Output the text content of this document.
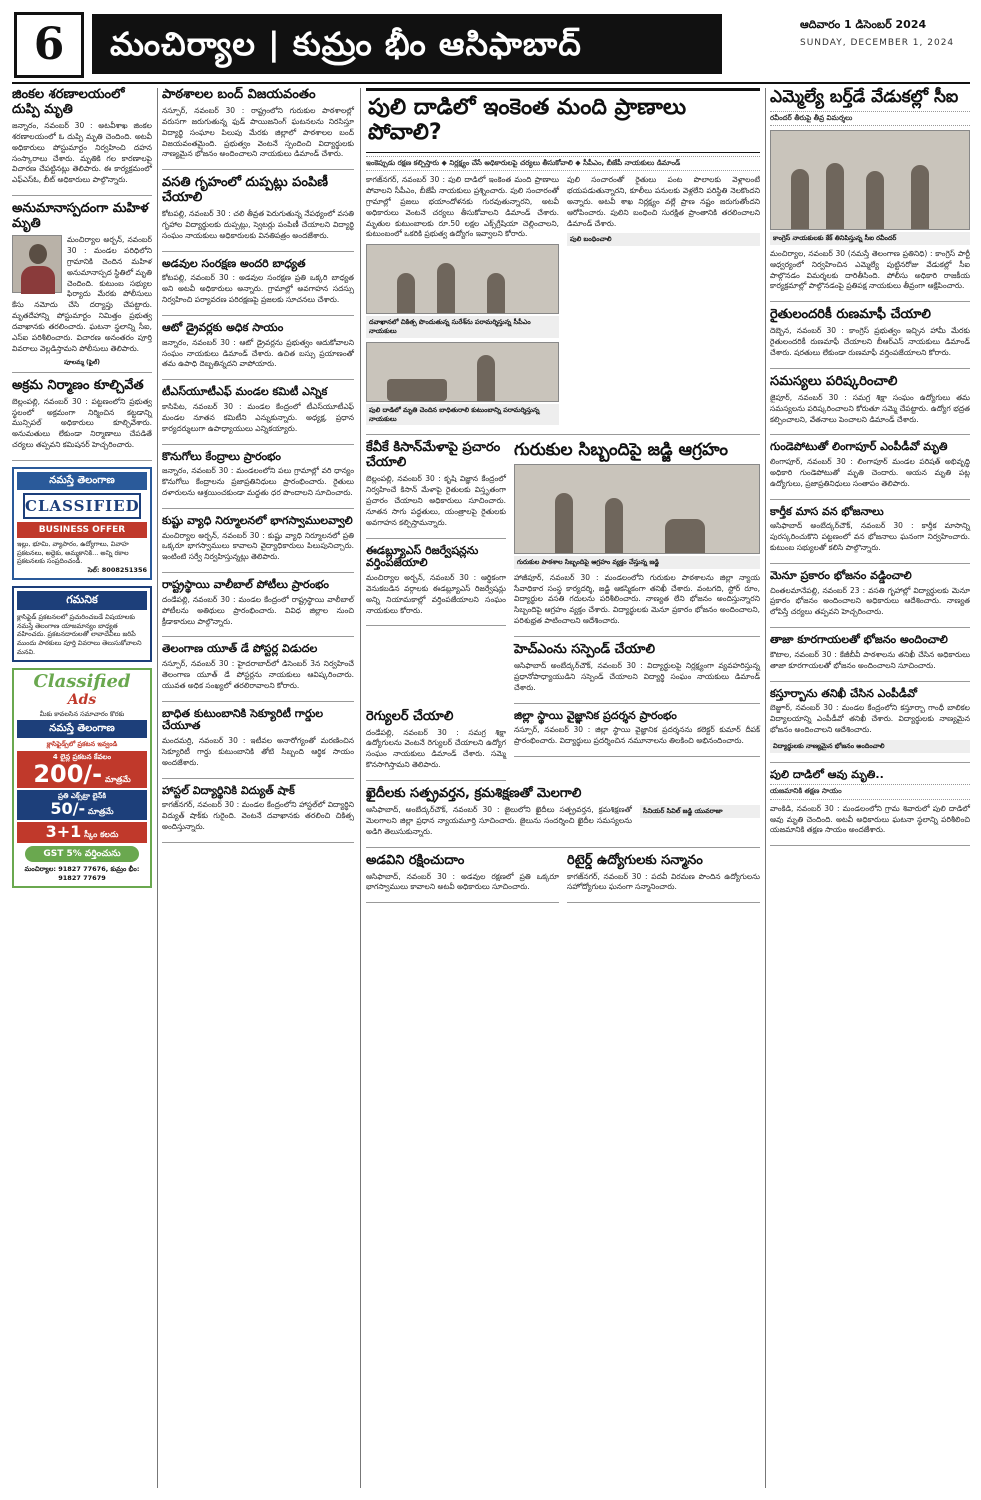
6	మంచిర్యాల | కుమ్రం భీం ఆసిఫాబాద్
ఆదివారం 1 డిసెంబర్ 2024
SUNDAY, DECEMBER 1, 2024
జింకల శరణాలయంలో దుప్పి మృతి
జన్నారం, నవంబర్ 30 : అటవీశాఖ జింకల శరణాలయంలో ఓ దుప్పి మృతి చెందింది. అటవీ అధికారులు పోస్టుమార్టం నిర్వహించి దహన సంస్కారాలు చేశారు. మృతికి గల కారణాలపై విచారణ చేపట్టినట్లు తెలిపారు. ఈ కార్యక్రమంలో ఎఫ్ఎస్ఓ, బీట్ అధికారులు పాల్గొన్నారు.
అనుమానాస్పదంగా మహిళ మృతి
మంచిర్యాల అర్బన్, నవంబర్ 30 : మండల పరిధిలోని గ్రామానికి చెందిన మహిళ అనుమానాస్పద స్థితిలో మృతి చెందింది. కుటుంబ సభ్యుల ఫిర్యాదు మేరకు పోలీసులు కేసు నమోదు చేసి దర్యాప్తు చేపట్టారు. మృతదేహాన్ని పోస్టుమార్టం నిమిత్తం ప్రభుత్వ దవాఖానకు తరలించారు. ఘటనా స్థలాన్ని సీఐ, ఎస్ఐ పరిశీలించారు. విచారణ అనంతరం పూర్తి వివరాలు వెల్లడిస్తామని పోలీసులు తెలిపారు.
పూలమ్మ (ఫైల్)
అక్రమ నిర్మాణం కూల్చివేత
బెల్లంపల్లి, నవంబర్ 30 : పట్టణంలోని ప్రభుత్వ స్థలంలో అక్రమంగా నిర్మించిన కట్టడాన్ని మున్సిపల్ అధికారులు కూల్చివేశారు. అనుమతులు లేకుండా నిర్మాణాలు చేపడితే చర్యలు తప్పవని కమిషనర్ హెచ్చరించారు.
నమస్తే తెలంగాణ
CLASSIFIED
BUSINESS OFFER
ఇల్లు, భూమి, వ్యాపారం, ఉద్యోగాలు, వివాహ ప్రకటనలు, అద్దెకు, అమ్మకానికి... అన్ని రకాల ప్రకటనలకు సంప్రదించండి.
సెల్: 8008251356
గమనిక
క్లాసిఫైడ్ ప్రకటనలలో ప్రచురించబడే విషయాలకు నమస్తే తెలంగాణ యాజమాన్యం బాధ్యత వహించదు. ప్రకటనదారులతో లావాదేవీలు జరిపే ముందు పాఠకులు పూర్తి వివరాలు తెలుసుకోవాలని మనవి.
Classified
Ads
మీకు కావలసిన సమాచారం కొరకు
నమస్తే తెలంగాణ
క్లాసిఫైడ్స్‌లో ప్రకటన ఇవ్వండి
4 లైన్ల ప్రకటన కేవలం
200/- మాత్రమే
ప్రతి ఎక్స్‌ట్రా లైన్‌కి
50/- మాత్రమే
3+1 స్కీం కలదు
GST 5% వర్తించును
మంచిర్యాల: 91827 77676, కుమ్రం భీం: 91827 77679
పాఠశాలల బంద్ విజయవంతం
నస్పూర్, నవంబర్ 30 : రాష్ట్రంలోని గురుకుల పాఠశాలల్లో వరుసగా జరుగుతున్న ఫుడ్ పాయిజనింగ్ ఘటనలను నిరసిస్తూ విద్యార్థి సంఘాల పిలుపు మేరకు జిల్లాలో పాఠశాలల బంద్ విజయవంతమైంది. ప్రభుత్వం వెంటనే స్పందించి విద్యార్థులకు నాణ్యమైన భోజనం అందించాలని నాయకులు డిమాండ్ చేశారు.
వసతి గృహంలో దుప్పట్లు పంపిణీ చేయాలి
కోటపల్లి, నవంబర్ 30 : చలి తీవ్రత పెరుగుతున్న నేపథ్యంలో వసతి గృహాల విద్యార్థులకు దుప్పట్లు, స్వెటర్లు పంపిణీ చేయాలని విద్యార్థి సంఘం నాయకులు అధికారులకు వినతిపత్రం అందజేశారు.
అడవుల సంరక్షణ అందరి బాధ్యత
కోటపల్లి, నవంబర్ 30 : అడవుల సంరక్షణ ప్రతి ఒక్కరి బాధ్యత అని అటవీ అధికారులు అన్నారు. గ్రామాల్లో అవగాహన సదస్సు నిర్వహించి పర్యావరణ పరిరక్షణపై ప్రజలకు సూచనలు చేశారు.
ఆటో డ్రైవర్లకు అధిక సాయం
జన్నారం, నవంబర్ 30 : ఆటో డ్రైవర్లను ప్రభుత్వం ఆదుకోవాలని సంఘం నాయకులు డిమాండ్ చేశారు. ఉచిత బస్సు ప్రయాణంతో తమ ఉపాధి దెబ్బతిన్నదని వాపోయారు.
టీఎస్‌యూటీఎఫ్ మండల కమిటీ ఎన్నిక
కాసిపేట, నవంబర్ 30 : మండల కేంద్రంలో టీఎస్‌యూటీఎఫ్ మండల నూతన కమిటీని ఎన్నుకున్నారు. అధ్యక్ష, ప్రధాన కార్యదర్శులుగా ఉపాధ్యాయులు ఎన్నికయ్యారు.
కొనుగోలు కేంద్రాలు ప్రారంభం
జన్నారం, నవంబర్ 30 : మండలంలోని పలు గ్రామాల్లో వరి ధాన్యం కొనుగోలు కేంద్రాలను ప్రజాప్రతినిధులు ప్రారంభించారు. రైతులు దళారులను ఆశ్రయించకుండా మద్దతు ధర పొందాలని సూచించారు.
కుష్టు వ్యాధి నిర్మూలనలో భాగస్వాములవ్వాలి
మంచిర్యాల అర్బన్, నవంబర్ 30 : కుష్టు వ్యాధి నిర్మూలనలో ప్రతి ఒక్కరూ భాగస్వాములు కావాలని వైద్యాధికారులు పిలుపునిచ్చారు. ఇంటింటి సర్వే నిర్వహిస్తున్నట్లు తెలిపారు.
రాష్ట్రస్థాయి వాలీబాల్ పోటీలు ప్రారంభం
దండేపల్లి, నవంబర్ 30 : మండల కేంద్రంలో రాష్ట్రస్థాయి వాలీబాల్ పోటీలను అతిథులు ప్రారంభించారు. వివిధ జిల్లాల నుంచి క్రీడాకారులు పాల్గొన్నారు.
తెలంగాణ యూత్ డే పోస్టర్ల విడుదల
నస్పూర్, నవంబర్ 30 : హైదరాబాద్‌లో డిసెంబర్ 3న నిర్వహించే తెలంగాణ యూత్ డే పోస్టర్లను నాయకులు ఆవిష్కరించారు. యువత అధిక సంఖ్యలో తరలిరావాలని కోరారు.
బాధిత కుటుంబానికి సెక్యూరిటీ గార్డుల చేయూత
మందమర్రి, నవంబర్ 30 : ఇటీవల అనారోగ్యంతో మరణించిన సెక్యూరిటీ గార్డు కుటుంబానికి తోటి సిబ్బంది ఆర్థిక సాయం అందజేశారు.
హాస్టల్ విద్యార్థినికి విద్యుత్ షాక్
కాగజ్‌నగర్, నవంబర్ 30 : మండల కేంద్రంలోని హాస్టల్‌లో విద్యార్థిని విద్యుత్ షాక్‌కు గురైంది. వెంటనే దవాఖానకు తరలించి చికిత్స అందిస్తున్నారు.
పులి దాడిలో ఇంకెంత మంది ప్రాణాలు పోవాలి?
ఇంకెప్పుడు రక్షణ కల్పిస్తారు ◆ నిర్లక్ష్యం చేసే అధికారులపై చర్యలు తీసుకోవాలి ◆ సీపీఎం, బీజేపీ నాయకులు డిమాండ్
కాగజ్‌నగర్, నవంబర్ 30 : పులి దాడిలో ఇంకెంత మంది ప్రాణాలు పోవాలని సీపీఎం, బీజేపీ నాయకులు ప్రశ్నించారు. పులి సంచారంతో గ్రామాల్లో ప్రజలు భయాందోళనకు గురవుతున్నారని, అటవీ అధికారులు వెంటనే చర్యలు తీసుకోవాలని డిమాండ్ చేశారు. మృతుల కుటుంబాలకు రూ.50 లక్షల ఎక్స్‌గ్రేషియా చెల్లించాలని, కుటుంబంలో ఒకరికి ప్రభుత్వ ఉద్యోగం ఇవ్వాలని కోరారు.
దవాఖానలో చికిత్స పొందుతున్న సురేశ్‌ను పరామర్శిస్తున్న సీపీఎం నాయకులు
పులి దాడిలో మృతి చెందిన బాధితురాలి కుటుంబాన్ని పరామర్శిస్తున్న నాయకులు
పులి సంచారంతో రైతులు పంట పొలాలకు వెళ్లాలంటే భయపడుతున్నారని, కూలీలు పనులకు వెళ్లలేని పరిస్థితి నెలకొందని అన్నారు. అటవీ శాఖ నిర్లక్ష్యం వల్లే ప్రాణ నష్టం జరుగుతోందని ఆరోపించారు. పులిని బంధించి సురక్షిత ప్రాంతానికి తరలించాలని డిమాండ్ చేశారు.
పులి బంధించాలి
కేవీకే కిసాన్‌మేళాపై ప్రచారం చేయాలి
బెల్లంపల్లి, నవంబర్ 30 : కృషి విజ్ఞాన కేంద్రంలో నిర్వహించే కిసాన్ మేళాపై రైతులకు విస్తృతంగా ప్రచారం చేయాలని అధికారులు సూచించారు. నూతన సాగు పద్ధతులు, యంత్రాలపై రైతులకు అవగాహన కల్పిస్తామన్నారు.
ఈడబ్ల్యూఎస్ రిజర్వేషన్లను వర్తింపజేయాలి
మంచిర్యాల అర్బన్, నవంబర్ 30 : ఆర్థికంగా వెనుకబడిన వర్గాలకు ఈడబ్ల్యూఎస్ రిజర్వేషన్లు అన్ని నియామకాల్లో వర్తింపజేయాలని సంఘం నాయకులు కోరారు.
గురుకుల సిబ్బందిపై జడ్జి ఆగ్రహం
గురుకుల పాఠశాల సిబ్బందిపై ఆగ్రహం వ్యక్తం చేస్తున్న జడ్జి
హాజీపూర్, నవంబర్ 30 : మండలంలోని గురుకుల పాఠశాలను జిల్లా న్యాయ సేవాధికార సంస్థ కార్యదర్శి, జడ్జి ఆకస్మికంగా తనిఖీ చేశారు. వంటగది, స్టోర్ రూం, విద్యార్థుల వసతి గదులను పరిశీలించారు. నాణ్యత లేని భోజనం అందిస్తున్నారని సిబ్బందిపై ఆగ్రహం వ్యక్తం చేశారు. విద్యార్థులకు మెనూ ప్రకారం భోజనం అందించాలని, పరిశుభ్రత పాటించాలని ఆదేశించారు.
హెచ్‌ఎంను సస్పెండ్ చేయాలి
ఆసిఫాబాద్ అంబేద్కర్‌చౌక్, నవంబర్ 30 : విద్యార్థులపై నిర్లక్ష్యంగా వ్యవహరిస్తున్న ప్రధానోపాధ్యాయుడిని సస్పెండ్ చేయాలని విద్యార్థి సంఘం నాయకులు డిమాండ్ చేశారు.
రెగ్యులర్ చేయాలి
దండేపల్లి, నవంబర్ 30 : సమగ్ర శిక్షా ఉద్యోగులను వెంటనే రెగ్యులర్ చేయాలని ఉద్యోగ సంఘం నాయకులు డిమాండ్ చేశారు. సమ్మె కొనసాగిస్తామని తెలిపారు.
జిల్లా స్థాయి వైజ్ఞానిక ప్రదర్శన ప్రారంభం
నస్పూర్, నవంబర్ 30 : జిల్లా స్థాయి వైజ్ఞానిక ప్రదర్శనను కలెక్టర్ కుమార్ దీపక్ ప్రారంభించారు. విద్యార్థులు ప్రదర్శించిన నమూనాలను తిలకించి అభినందించారు.
ఖైదీలకు సత్ప్రవర్తన, క్రమశిక్షణతో మెలగాలి
ఆసిఫాబాద్, అంబేద్కర్‌చౌక్, నవంబర్ 30 : జైలులోని ఖైదీలు సత్ప్రవర్తన, క్రమశిక్షణతో మెలగాలని జిల్లా ప్రధాన న్యాయమూర్తి సూచించారు. జైలును సందర్శించి ఖైదీల సమస్యలను అడిగి తెలుసుకున్నారు.
సీనియర్ సివిల్ జడ్జి యువరాజా
అడవిని రక్షించుదాం
ఆసిఫాబాద్, నవంబర్ 30 : అడవుల రక్షణలో ప్రతి ఒక్కరూ భాగస్వాములు కావాలని అటవీ అధికారులు సూచించారు.
రిటైర్డ్ ఉద్యోగులకు సన్మానం
కాగజ్‌నగర్, నవంబర్ 30 : పదవీ విరమణ పొందిన ఉద్యోగులను సహోద్యోగులు ఘనంగా సన్మానించారు.
ఎమ్మెల్యే బర్త్‌డే వేడుకల్లో సీఐ
రవీందర్ తీరుపై తీవ్ర విమర్శలు
కాంగ్రెస్ నాయకులకు కేక్ తినిపిస్తున్న సీఐ రవీందర్
మంచిర్యాల, నవంబర్ 30 (నమస్తే తెలంగాణ ప్రతినిధి) : కాంగ్రెస్ పార్టీ ఆధ్వర్యంలో నిర్వహించిన ఎమ్మెల్యే పుట్టినరోజు వేడుకల్లో సీఐ పాల్గొనడం విమర్శలకు దారితీసింది. పోలీసు అధికారి రాజకీయ కార్యక్రమాల్లో పాల్గొనడంపై ప్రతిపక్ష నాయకులు తీవ్రంగా ఆక్షేపించారు.
రైతులందరికీ రుణమాఫీ చేయాలి
దెబ్బెన, నవంబర్ 30 : కాంగ్రెస్ ప్రభుత్వం ఇచ్చిన హామీ మేరకు రైతులందరికీ రుణమాఫీ చేయాలని బీఆర్‌ఎస్ నాయకులు డిమాండ్ చేశారు. షరతులు లేకుండా రుణమాఫీ వర్తింపజేయాలని కోరారు.
సమస్యలు పరిష్కరించాలి
జైపూర్, నవంబర్ 30 : సమగ్ర శిక్షా సంఘం ఉద్యోగులు తమ సమస్యలను పరిష్కరించాలని కోరుతూ సమ్మె చేపట్టారు. ఉద్యోగ భద్రత కల్పించాలని, వేతనాలు పెంచాలని డిమాండ్ చేశారు.
గుండెపోటుతో లింగాపూర్ ఎంపీడీవో మృతి
లింగాపూర్, నవంబర్ 30 : లింగాపూర్ మండల పరిషత్ అభివృద్ధి అధికారి గుండెపోటుతో మృతి చెందారు. ఆయన మృతి పట్ల ఉద్యోగులు, ప్రజాప్రతినిధులు సంతాపం తెలిపారు.
కార్తీక మాస వన భోజనాలు
ఆసిఫాబాద్ అంబేద్కర్‌చౌక్, నవంబర్ 30 : కార్తీక మాసాన్ని పురస్కరించుకొని పట్టణంలో వన భోజనాలు ఘనంగా నిర్వహించారు. కుటుంబ సభ్యులతో కలిసి పాల్గొన్నారు.
మెనూ ప్రకారం భోజనం వడ్డించాలి
చింతలమానేపల్లి, నవంబర్ 23 : వసతి గృహాల్లో విద్యార్థులకు మెనూ ప్రకారం భోజనం అందించాలని అధికారులు ఆదేశించారు. నాణ్యత లోపిస్తే చర్యలు తప్పవని హెచ్చరించారు.
తాజా కూరగాయలతో భోజనం అందించాలి
కౌటాల, నవంబర్ 30 : కేజీబీవీ పాఠశాలను తనిఖీ చేసిన అధికారులు తాజా కూరగాయలతో భోజనం అందించాలని సూచించారు.
కస్తూర్బాను తనిఖీ చేసిన ఎంపీడీవో
బెజ్జూర్, నవంబర్ 30 : మండల కేంద్రంలోని కస్తూర్బా గాంధీ బాలికల విద్యాలయాన్ని ఎంపీడీవో తనిఖీ చేశారు. విద్యార్థులకు నాణ్యమైన భోజనం అందించాలని ఆదేశించారు.
విద్యార్థులకు నాణ్యమైన భోజనం అందించాలి
పులి దాడిలో ఆవు మృతి..
యజమానికి తక్షణ సాయం
వాంకిడి, నవంబర్ 30 : మండలంలోని గ్రామ శివారులో పులి దాడిలో ఆవు మృతి చెందింది. అటవీ అధికారులు ఘటనా స్థలాన్ని పరిశీలించి యజమానికి తక్షణ సాయం అందజేశారు.
